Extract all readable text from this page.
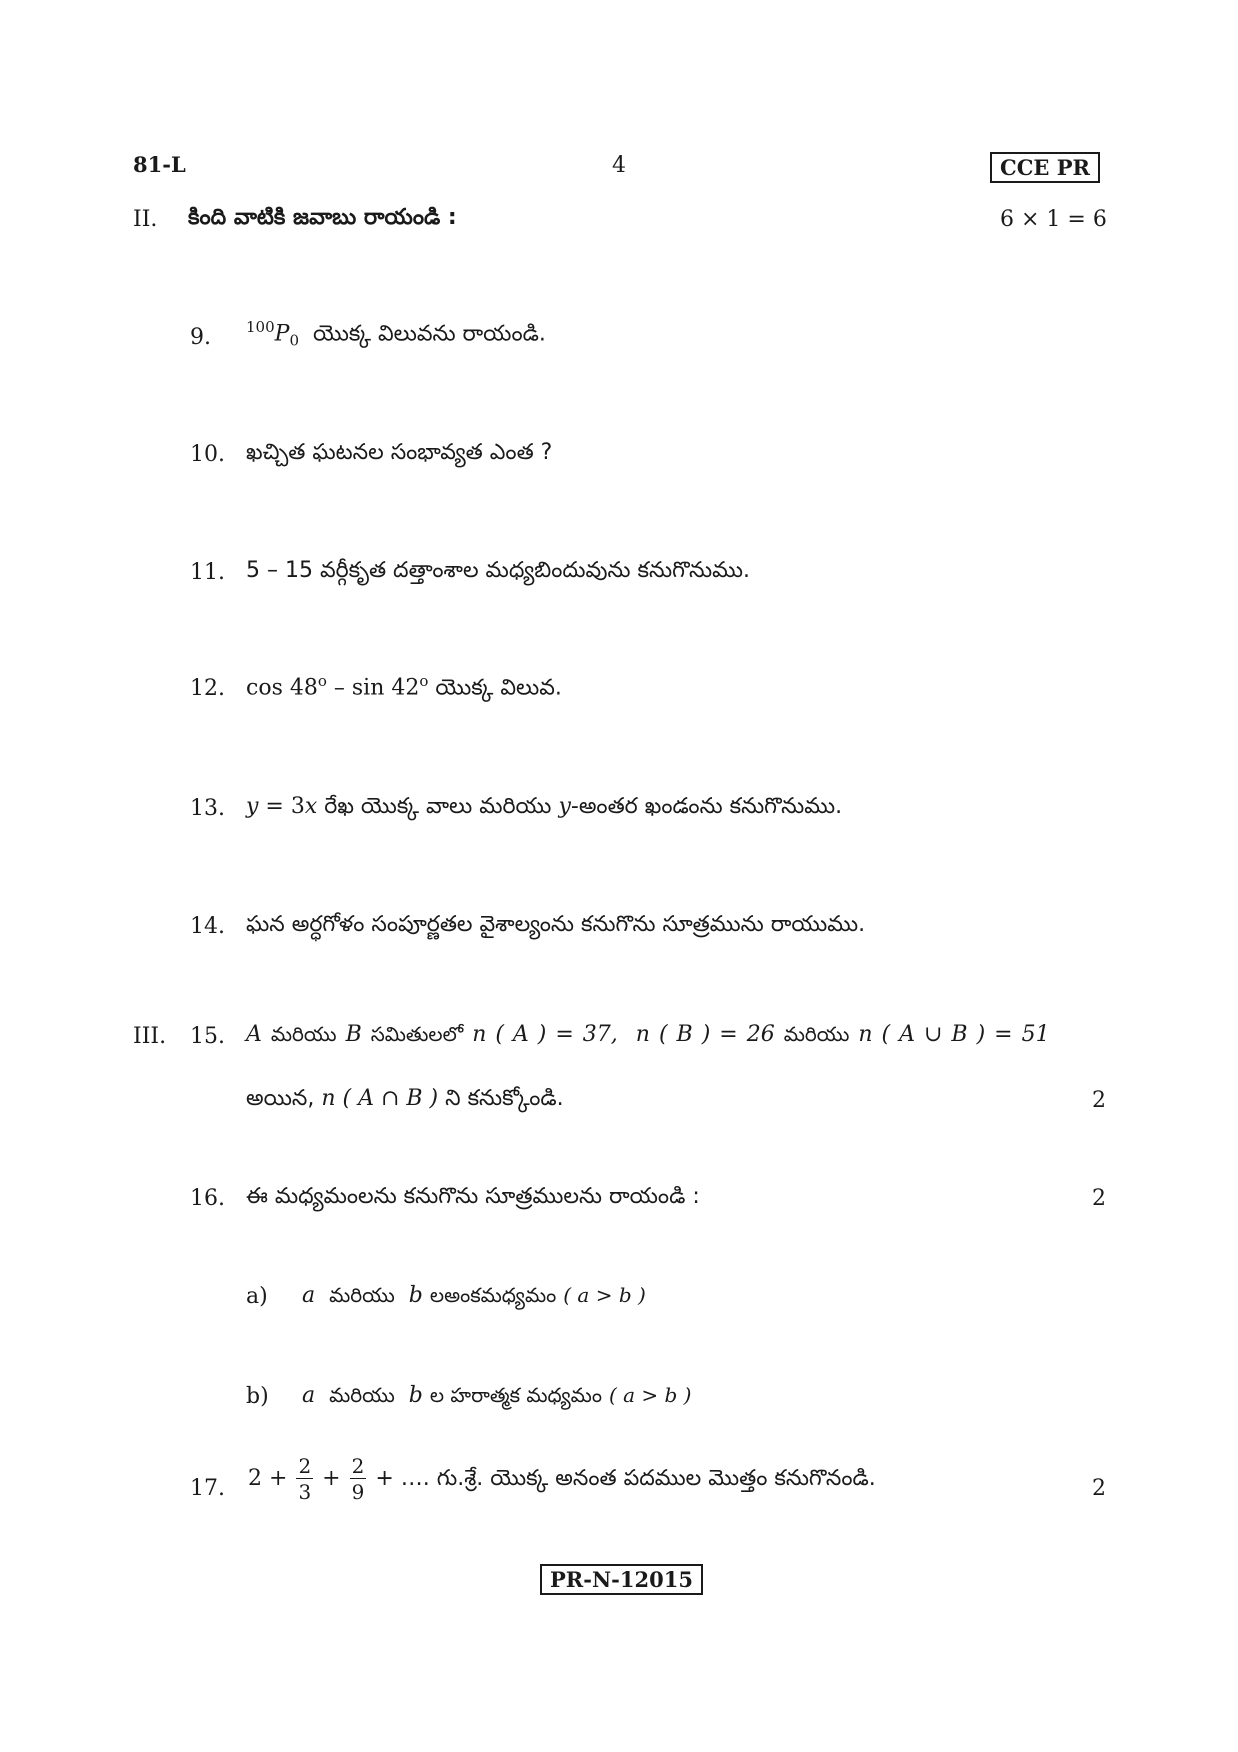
81-L	4	CCE PR
II. కింది వాటికి జవాబు రాయండి :	6 × 1 = 6
9. $^{100}P_0$ యొక్క విలువను రాయండి.
10. ఖచ్చిత ఘటనల సంభావ్యత ఎంత ?
11. 5 – 15 వర్గీకృత దత్తాంశాల మధ్యబిందువును కనుగొనుము.
12. cos 48$^o$ – sin 42$^o$ యొక్క విలువ.
13. y = 3x రేఖ యొక్క వాలు మరియు y-అంతర ఖండంను కనుగొనుము.
14. ఘన అర్ధగోళం సంపూర్ణతల వైశాల్యంను కనుగొను సూత్రమును రాయుము.
III. 15. A మరియు B సమితులలో n ( A ) = 37, n ( B ) = 26 మరియు n ( A ∪ B ) = 51
అయిన, n ( A ∩ B ) ని కనుక్కోండి.	2
16. ఈ మధ్యమంలను కనుగొను సూత్రములను రాయండి :	2
a) a మరియు b లఅంకమధ్యమం ( a > b )
b) a మరియు b ల హరాత్మక మధ్యమం ( a > b )
17. $2 + \frac{2}{3} + \frac{2}{9}$ + …. గు.శ్రే. యొక్క అనంత పదముల మొత్తం కనుగొనండి.	2
PR-N-12015
